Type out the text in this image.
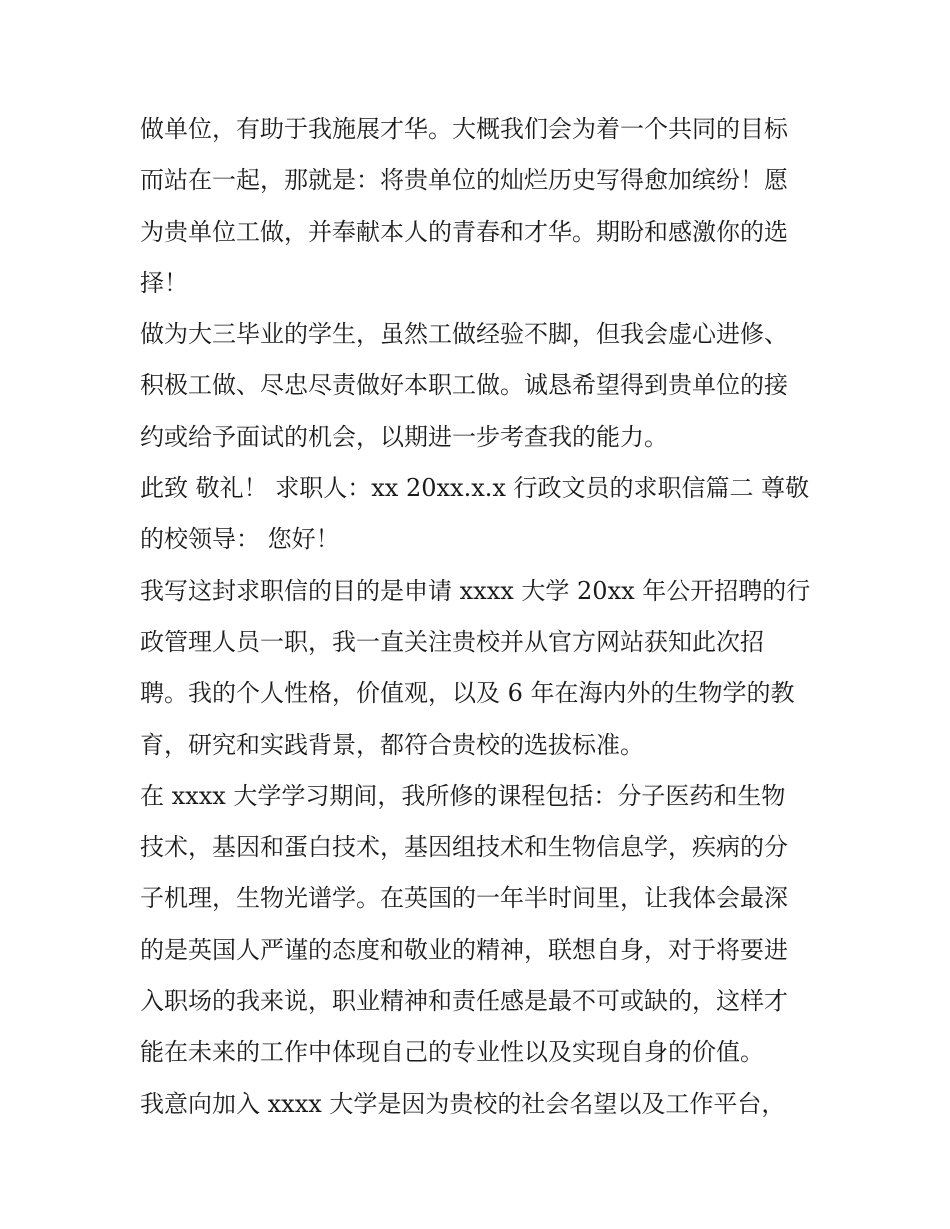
做单位，有助于我施展才华。大概我们会为着一个共同的目标
而站在一起，那就是：将贵单位的灿烂历史写得愈加缤纷！愿
为贵单位工做，并奉献本人的青春和才华。期盼和感激你的选
择！
做为大三毕业的学生，虽然工做经验不脚，但我会虚心进修、
积极工做、尽忠尽责做好本职工做。诚恳希望得到贵单位的接
约或给予面试的机会，以期进一步考查我的能力。
此致 敬礼！ 求职人：xx 20xx.x.x 行政文员的求职信篇二 尊敬
的校领导： 您好！
我写这封求职信的目的是申请 xxxx 大学 20xx 年公开招聘的行
政管理人员一职，我一直关注贵校并从官方网站获知此次招
聘。我的个人性格，价值观，以及 6 年在海内外的生物学的教
育，研究和实践背景，都符合贵校的选拔标准。
在 xxxx 大学学习期间，我所修的课程包括：分子医药和生物
技术，基因和蛋白技术，基因组技术和生物信息学，疾病的分
子机理，生物光谱学。在英国的一年半时间里，让我体会最深
的是英国人严谨的态度和敬业的精神，联想自身，对于将要进
入职场的我来说，职业精神和责任感是最不可或缺的，这样才
能在未来的工作中体现自己的专业性以及实现自身的价值。
我意向加入 xxxx 大学是因为贵校的社会名望以及工作平台，
